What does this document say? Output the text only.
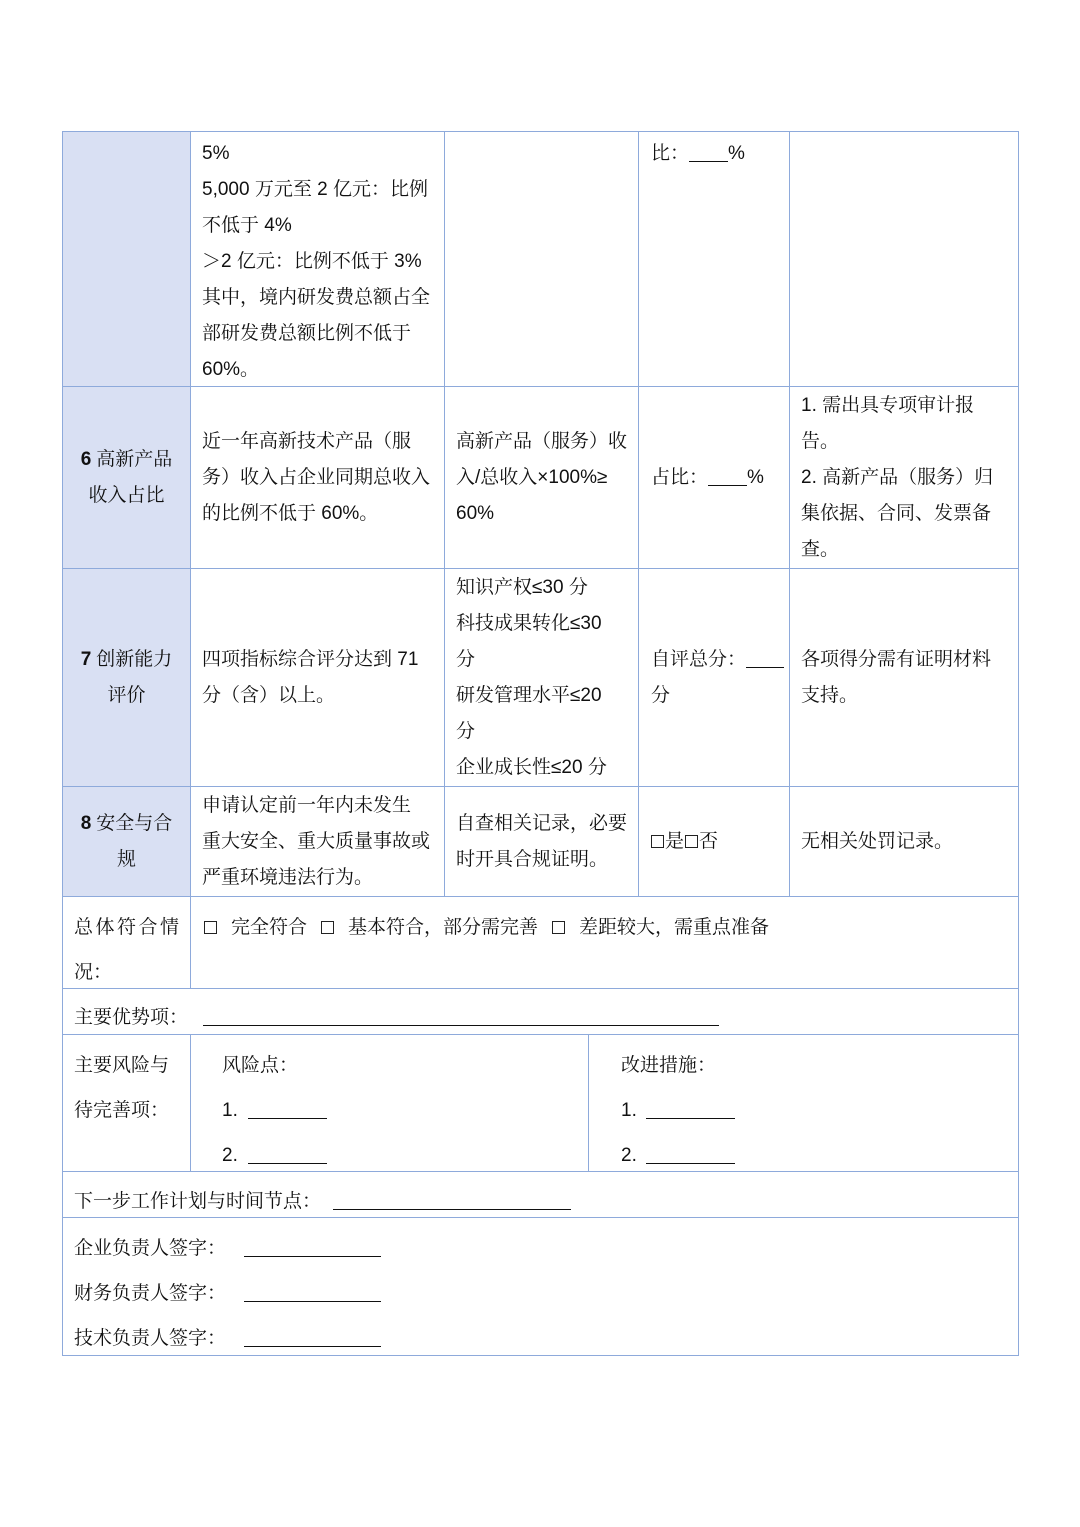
5%
5,000 万元至 2 亿元：比例
不低于 4%
＞2 亿元：比例不低于 3%
其中，境内研发费总额占全
部研发费总额比例不低于
60%。
比： %
6 高新产品
收入占比
近一年高新技术产品（服
务）收入占企业同期总收入
的比例不低于 60%。
高新产品（服务）收
入/总收入×100%≥
60%
占比： %
1. 需出具专项审计报
告。
2. 高新产品（服务）归
集依据、合同、发票备
查。
7 创新能力
评价
四项指标综合评分达到 71
分（含）以上。
知识产权≤30 分
科技成果转化≤30
分
研发管理水平≤20
分
企业成长性≤20 分
自评总分：
分
各项得分需有证明材料
支持。
8 安全与合
规
申请认定前一年内未发生
重大安全、重大质量事故或
严重环境违法行为。
自查相关记录，必要
时开具合规证明。
是 否	无相关处罚记录。
总体符合情
况：
完全符合 基本符合，部分需完善 差距较大，需重点准备
主要优势项：
主要风险与
待完善项：
风险点：
1.
2.
改进措施：
1.
2.
下一步工作计划与时间节点：
企业负责人签字：
财务负责人签字：
技术负责人签字：
